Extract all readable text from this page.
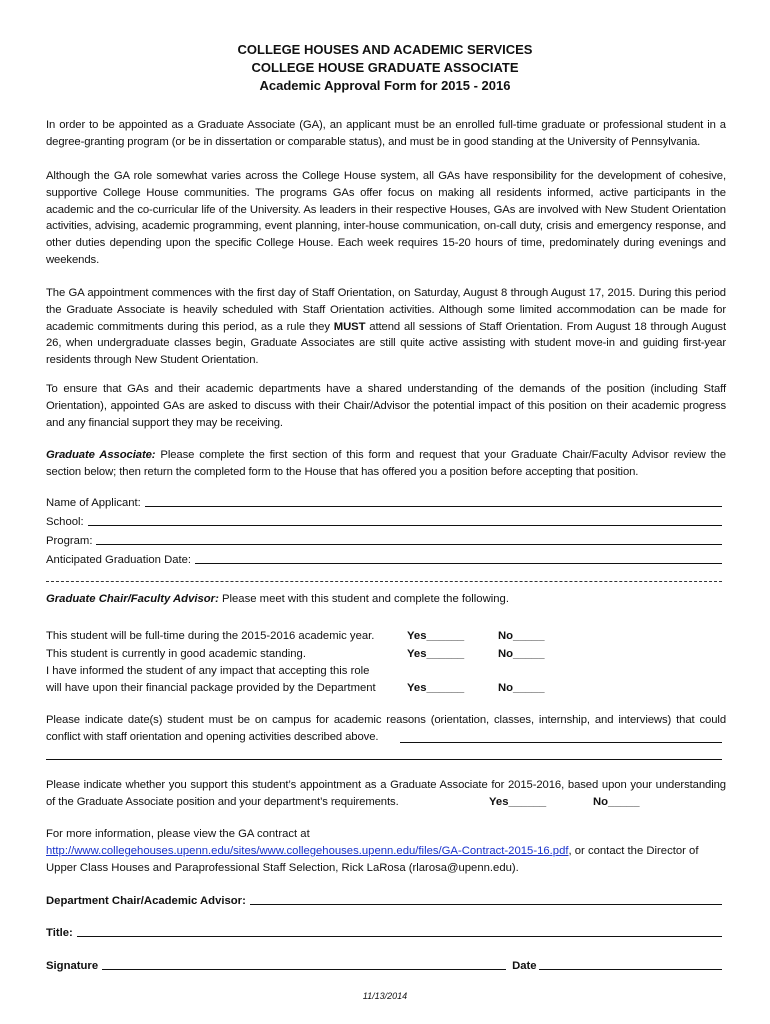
COLLEGE HOUSES AND ACADEMIC SERVICES
COLLEGE HOUSE GRADUATE ASSOCIATE
Academic Approval Form for 2015 - 2016
In order to be appointed as a Graduate Associate (GA), an applicant must be an enrolled full-time graduate or professional student in a degree-granting program (or be in dissertation or comparable status), and must be in good standing at the University of Pennsylvania.
Although the GA role somewhat varies across the College House system, all GAs have responsibility for the development of cohesive, supportive College House communities. The programs GAs offer focus on making all residents informed, active participants in the academic and the co-curricular life of the University. As leaders in their respective Houses, GAs are involved with New Student Orientation activities, advising, academic programming, event planning, inter-house communication, on-call duty, crisis and emergency response, and other duties depending upon the specific College House. Each week requires 15-20 hours of time, predominately during evenings and weekends.
The GA appointment commences with the first day of Staff Orientation, on Saturday, August 8 through August 17, 2015. During this period the Graduate Associate is heavily scheduled with Staff Orientation activities. Although some limited accommodation can be made for academic commitments during this period, as a rule they MUST attend all sessions of Staff Orientation. From August 18 through August 26, when undergraduate classes begin, Graduate Associates are still quite active assisting with student move-in and guiding first-year residents through New Student Orientation.
To ensure that GAs and their academic departments have a shared understanding of the demands of the position (including Staff Orientation), appointed GAs are asked to discuss with their Chair/Advisor the potential impact of this position on their academic progress and any financial support they may be receiving.
Graduate Associate: Please complete the first section of this form and request that your Graduate Chair/Faculty Advisor review the section below; then return the completed form to the House that has offered you a position before accepting that position.
Name of Applicant:
School:
Program:
Anticipated Graduation Date:
Graduate Chair/Faculty Advisor: Please meet with this student and complete the following.
This student will be full-time during the 2015-2016 academic year.	Yes______	No_____
This student is currently in good academic standing.	Yes______	No_____
I have informed the student of any impact that accepting this role
will have upon their financial package provided by the Department	Yes______	No_____
Please indicate date(s) student must be on campus for academic reasons (orientation, classes, internship, and interviews) that could conflict with staff orientation and opening activities described above.
Please indicate whether you support this student’s appointment as a Graduate Associate for 2015-2016, based upon your understanding of the Graduate Associate position and your department’s requirements.	Yes______	No_____
For more information, please view the GA contract at
http://www.collegehouses.upenn.edu/sites/www.collegehouses.upenn.edu/files/GA-Contract-2015-16.pdf, or contact the Director of
Upper Class Houses and Paraprofessional Staff Selection, Rick LaRosa (rlarosa@upenn.edu).
Department Chair/Academic Advisor:
Title:
Signature	Date
11/13/2014
